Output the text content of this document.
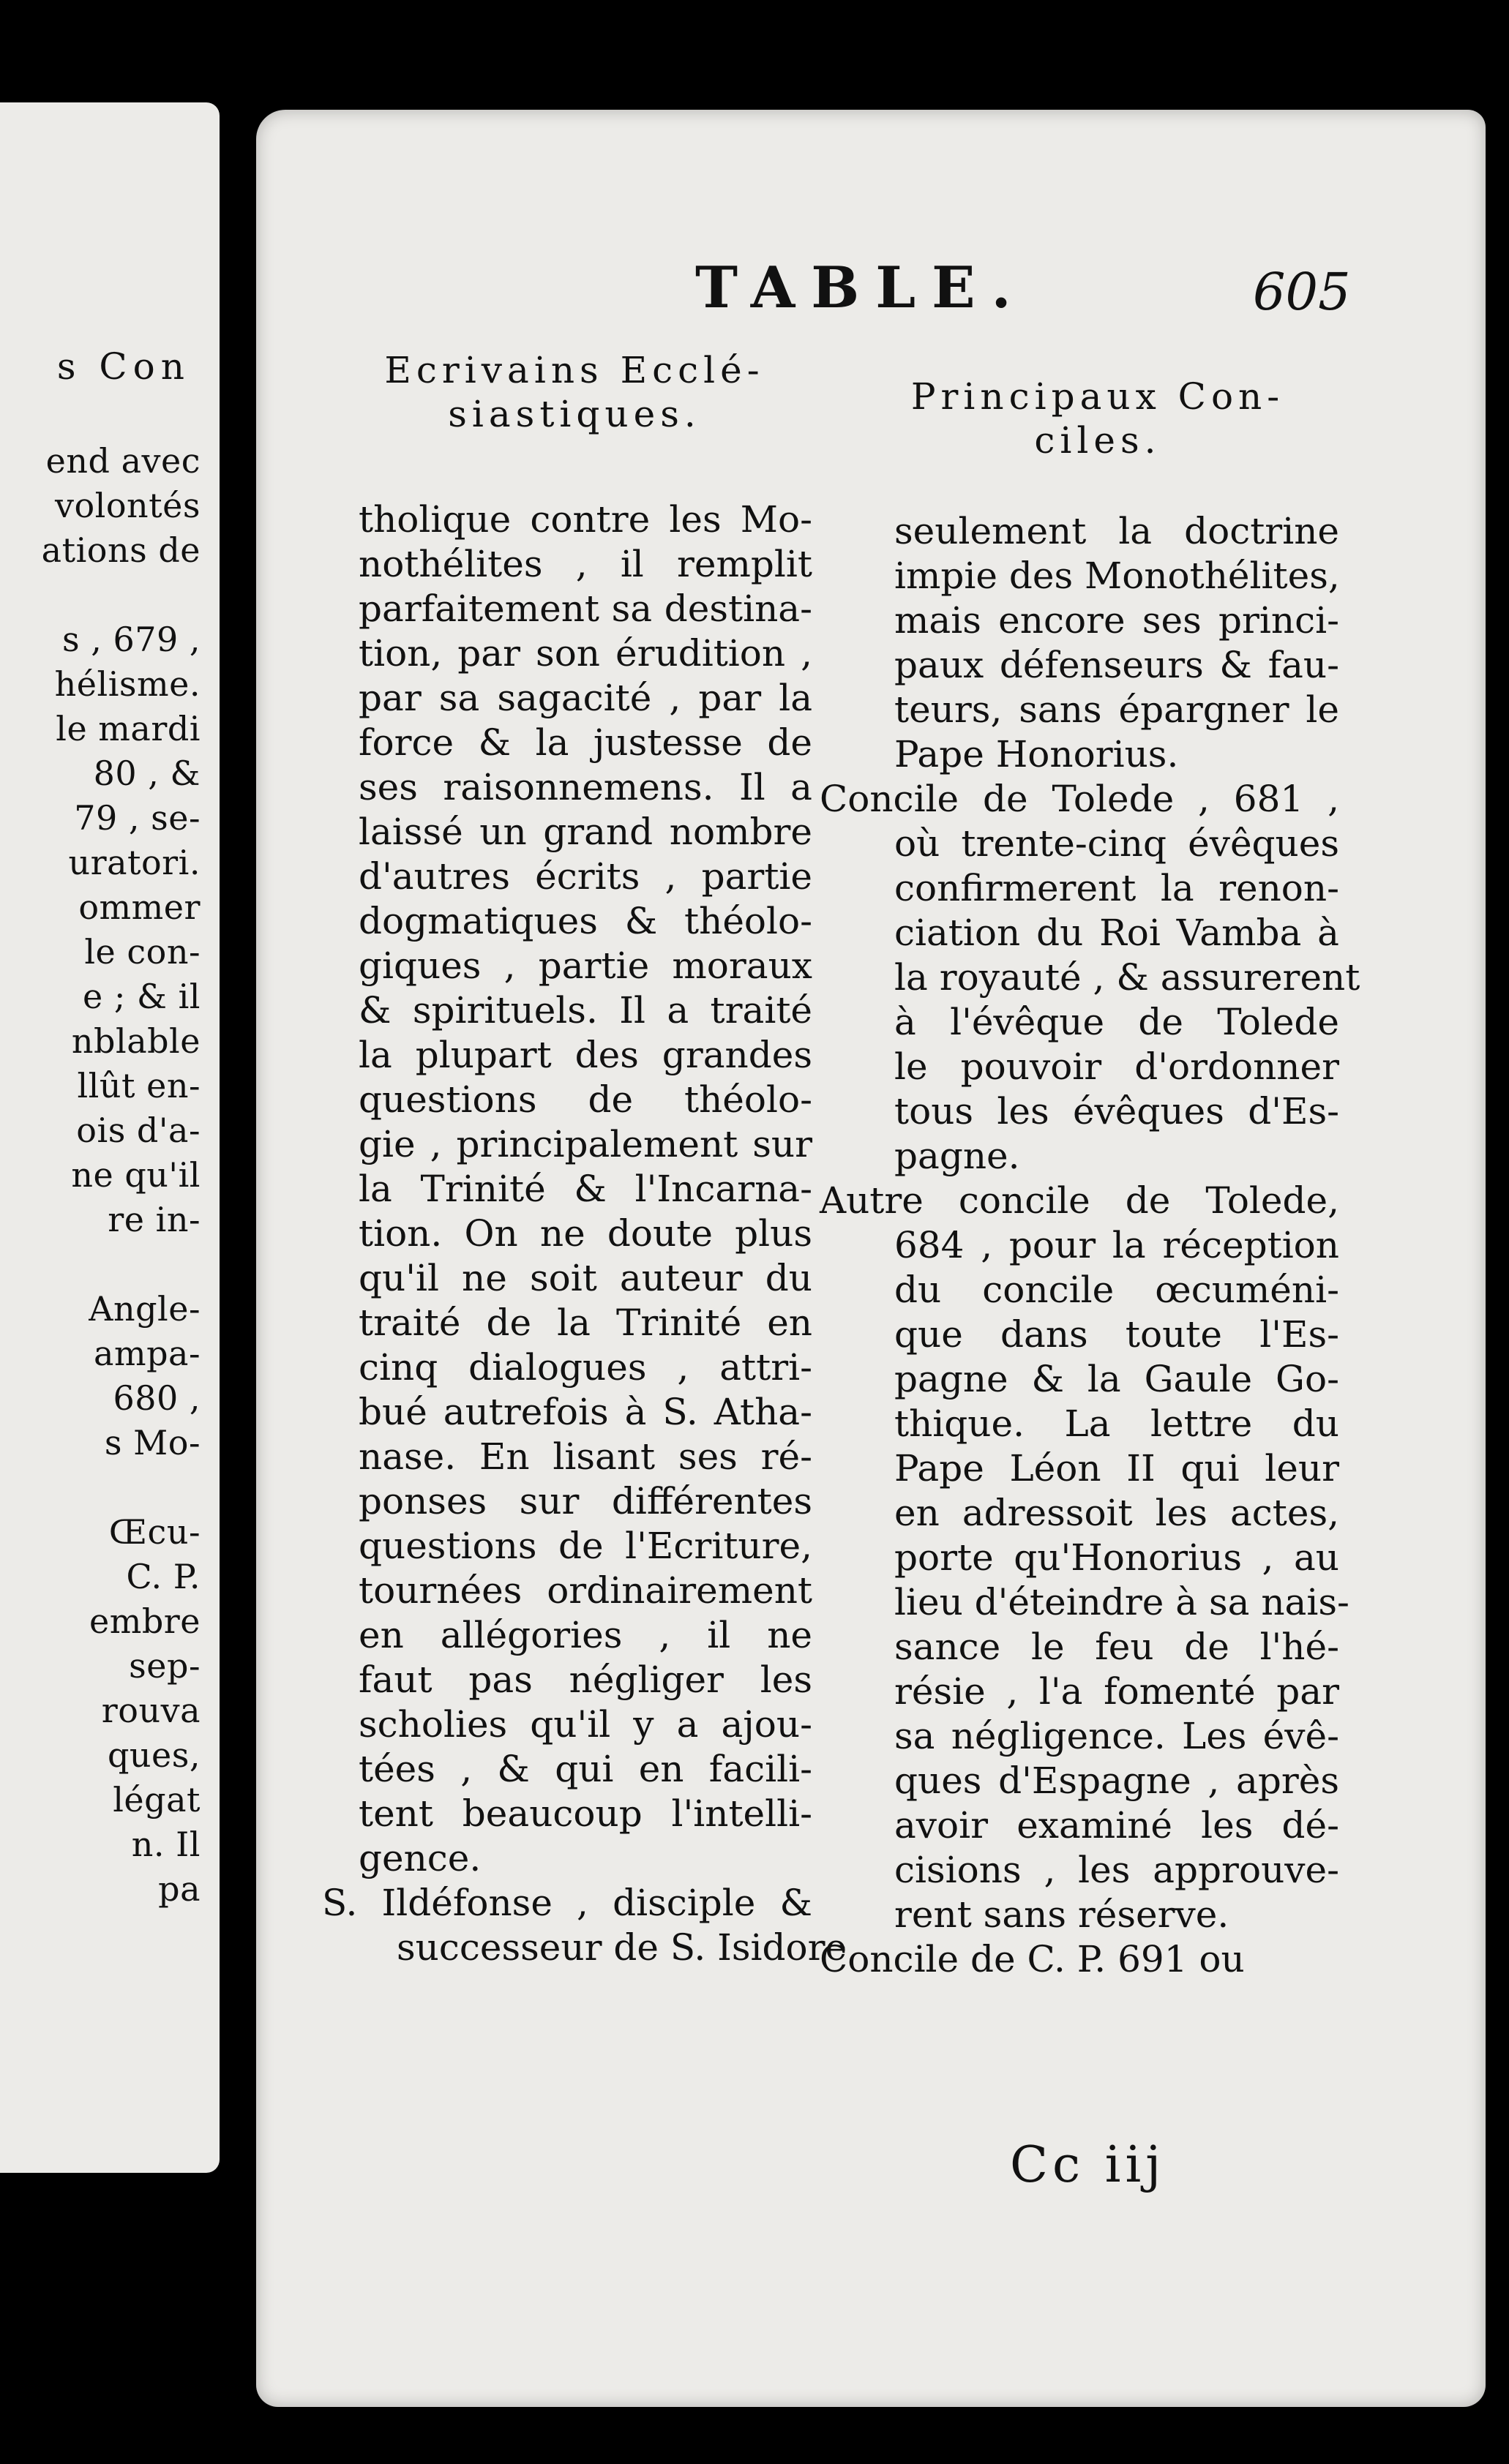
s Con
end avec
volontés
ations de
s , 679 ,
hélisme.
le mardi
80 , &
79 , se-
uratori.
ommer
le con-
e ; & il
nblable
llût en-
ois d'a-
ne qu'il
re in-
Angle-
ampa-
680 ,
s Mo-
Œcu-
C. P.
embre
sep-
rouva
ques,
légat
n. Il
pa
TABLE.	605
Ecrivains Ecclé-
siastiques.	Principaux Con-
ciles.
tholique contre les Mo-
nothélites , il remplit
parfaitement sa destina-
tion, par son érudition ,
par sa sagacité , par la
force & la justesse de
ses raisonnemens. Il a
laissé un grand nombre
d'autres écrits , partie
dogmatiques & théolo-
giques , partie moraux
& spirituels. Il a traité
la plupart des grandes
questions de théolo-
gie , principalement sur
la Trinité & l'Incarna-
tion. On ne doute plus
qu'il ne soit auteur du
traité de la Trinité en
cinq dialogues , attri-
bué autrefois à S. Atha-
nase. En lisant ses ré-
ponses sur différentes
questions de l'Ecriture,
tournées ordinairement
en allégories , il ne
faut pas négliger les
scholies qu'il y a ajou-
tées , & qui en facili-
tent beaucoup l'intelli-
gence.
S. Ildéfonse , disciple &
successeur de S. Isidore
seulement la doctrine
impie des Monothélites,
mais encore ses princi-
paux défenseurs & fau-
teurs, sans épargner le
Pape Honorius.
Concile de Tolede , 681 ,
où trente-cinq évêques
confirmerent la renon-
ciation du Roi Vamba à
la royauté , & assurerent
à l'évêque de Tolede
le pouvoir d'ordonner
tous les évêques d'Es-
pagne.
Autre concile de Tolede,
684 , pour la réception
du concile œcuméni-
que dans toute l'Es-
pagne & la Gaule Go-
thique. La lettre du
Pape Léon II qui leur
en adressoit les actes,
porte qu'Honorius , au
lieu d'éteindre à sa nais-
sance le feu de l'hé-
résie , l'a fomenté par
sa négligence. Les évê-
ques d'Espagne , après
avoir examiné les dé-
cisions , les approuve-
rent sans réserve.
Concile de C. P. 691 ou
Cc iij
